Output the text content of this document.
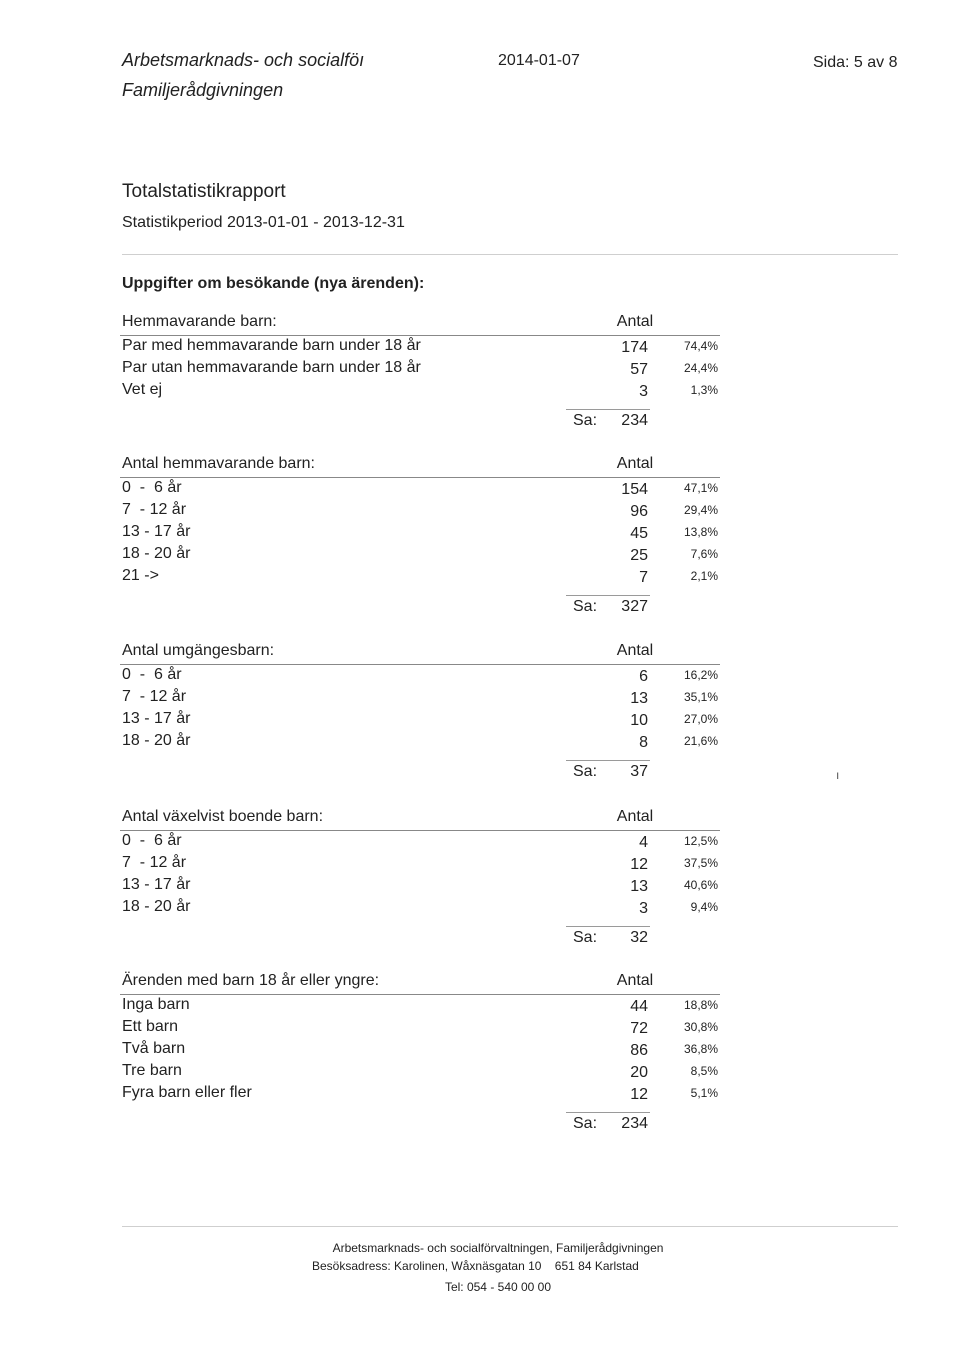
Arbetsmarknads- och socialföı
Familjerådgivningen
2014-01-07	Sida: 5 av 8
Totalstatistikrapport
Statistikperiod 2013-01-01 - 2013-12-31
Uppgifter om besökande (nya ärenden):
Hemmavarande barn:	Antal
Par med hemmavarande barn under 18 år	174	74,4%
Par utan hemmavarande barn under 18 år	57	24,4%
Vet ej	3	1,3%
Sa:	234
Antal hemmavarande barn:	Antal
0  -  6 år	154	47,1%
7  - 12 år	96	29,4%
13 - 17 år	45	13,8%
18 - 20 år	25	7,6%
21 ->	7	2,1%
Sa:	327
Antal umgängesbarn:	Antal
0  -  6 år	6	16,2%
7  - 12 år	13	35,1%
13 - 17 år	10	27,0%
18 - 20 år	8	21,6%
Sa:	37
Antal växelvist boende barn:	Antal
0  -  6 år	4	12,5%
7  - 12 år	12	37,5%
13 - 17 år	13	40,6%
18 - 20 år	3	9,4%
Sa:	32
Ärenden med barn 18 år eller yngre:	Antal
Inga barn	44	18,8%
Ett barn	72	30,8%
Två barn	86	36,8%
Tre barn	20	8,5%
Fyra barn eller fler	12	5,1%
Sa:	234
ı
Arbetsmarknads- och socialförvaltningen, Familjerådgivningen
Besöksadress: Karolinen, Wåxnäsgatan 10    651 84 Karlstad
Tel: 054 - 540 00 00
